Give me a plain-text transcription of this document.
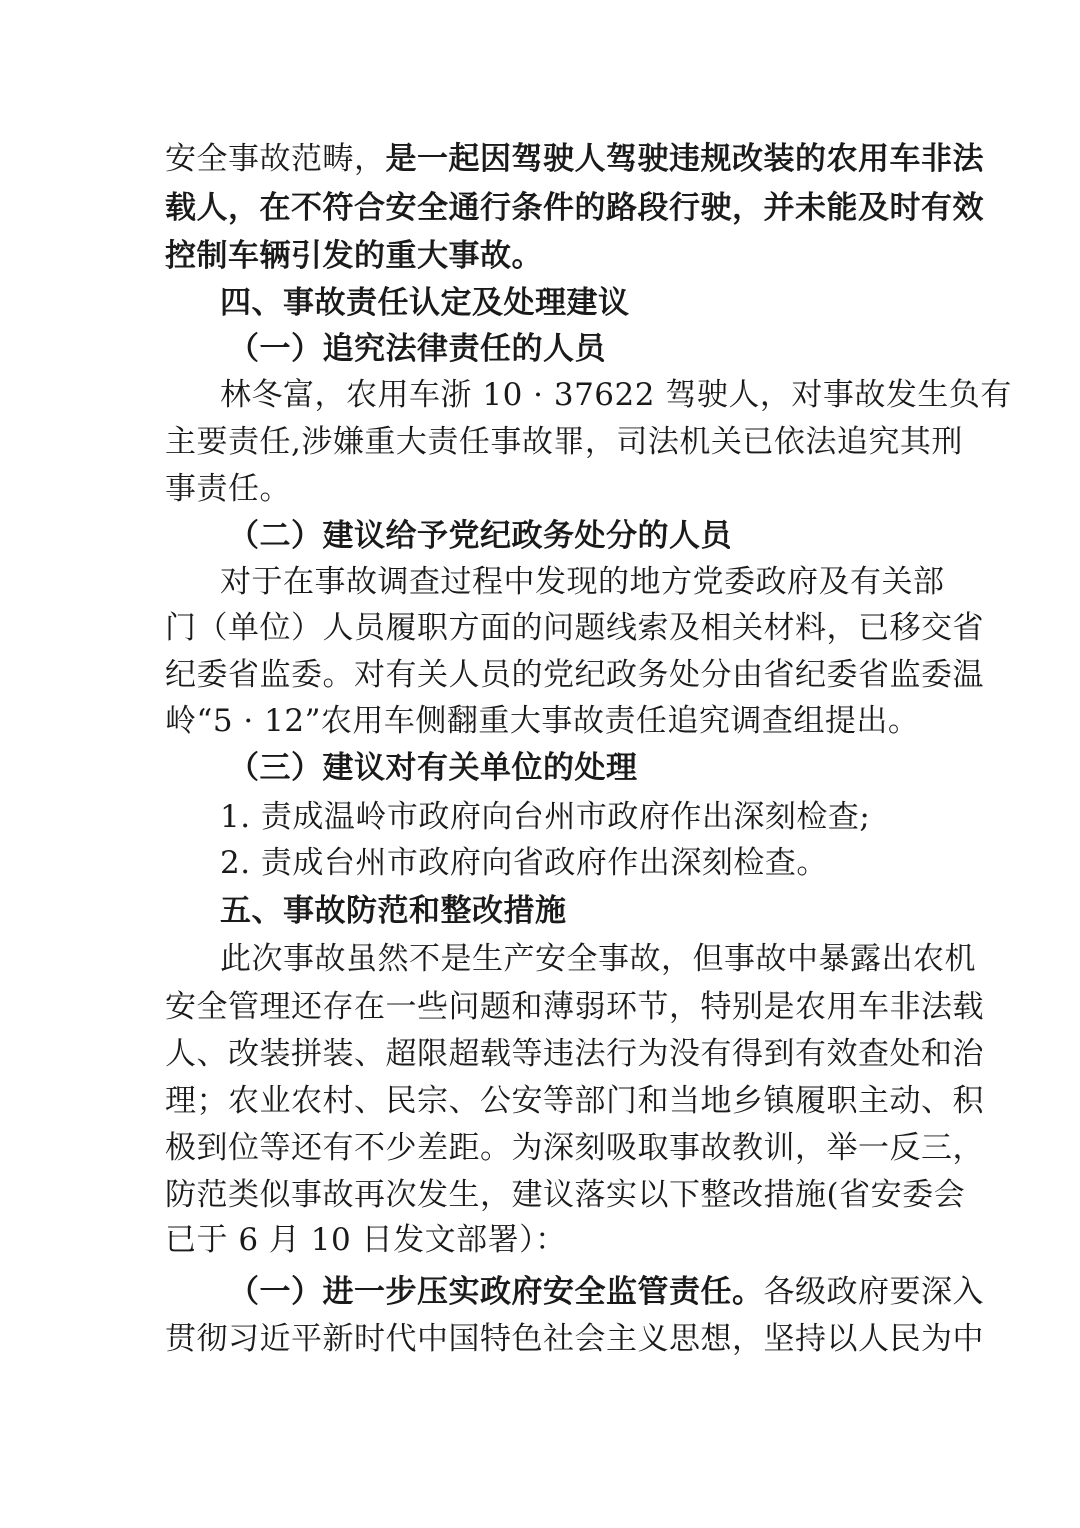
安全事故范畴，是一起因驾驶人驾驶违规改装的农用车非法
载人，在不符合安全通行条件的路段行驶，并未能及时有效
控制车辆引发的重大事故。
四、事故责任认定及处理建议
（一）追究法律责任的人员
林冬富，农用车浙 10 · 37622 驾驶人，对事故发生负有
主要责任,涉嫌重大责任事故罪，司法机关已依法追究其刑
事责任。
（二）建议给予党纪政务处分的人员
对于在事故调查过程中发现的地方党委政府及有关部
门（单位）人员履职方面的问题线索及相关材料，已移交省
纪委省监委。对有关人员的党纪政务处分由省纪委省监委温
岭“5 · 12”农用车侧翻重大事故责任追究调查组提出。
（三）建议对有关单位的处理
1. 责成温岭市政府向台州市政府作出深刻检查;
2. 责成台州市政府向省政府作出深刻检查。
五、事故防范和整改措施
此次事故虽然不是生产安全事故，但事故中暴露出农机
安全管理还存在一些问题和薄弱环节，特别是农用车非法载
人、改装拼装、超限超载等违法行为没有得到有效查处和治
理；农业农村、民宗、公安等部门和当地乡镇履职主动、积
极到位等还有不少差距。为深刻吸取事故教训，举一反三，
防范类似事故再次发生，建议落实以下整改措施(省安委会
已于 6 月 10 日发文部署）：
（一）进一步压实政府安全监管责任。各级政府要深入
贯彻习近平新时代中国特色社会主义思想，坚持以人民为中
